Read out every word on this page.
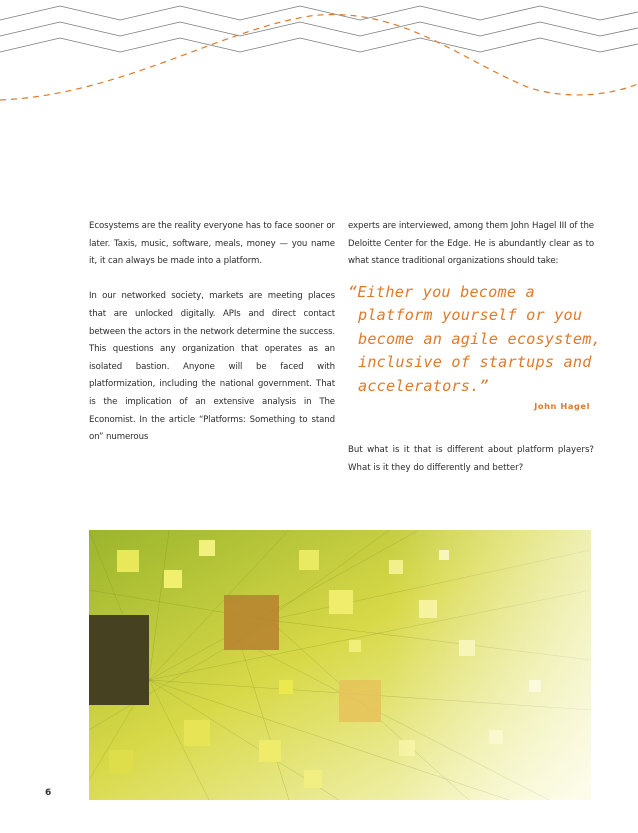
Ecosystems are the reality everyone has to face sooner or later. Taxis, music, software, meals, money — you name it, it can always be made into a platform.

In our networked society, markets are meeting places that are unlocked digitally. APIs and direct contact between the actors in the network determine the success. This questions any organization that operates as an isolated bastion. Anyone will be faced with platformization, including the national government. That is the implication of an extensive analysis in The Economist. In the article “Platforms: Something to stand on” numerous

experts are interviewed, among them John Hagel III of the Deloitte Center for the Edge. He is abundantly clear as to what stance traditional organizations should take:

“Either you become a
platform yourself or you
become an agile ecosystem,
inclusive of startups and
accelerators.”
John Hagel

But what is it that is different about platform players? What is it they do differently and better?

6
